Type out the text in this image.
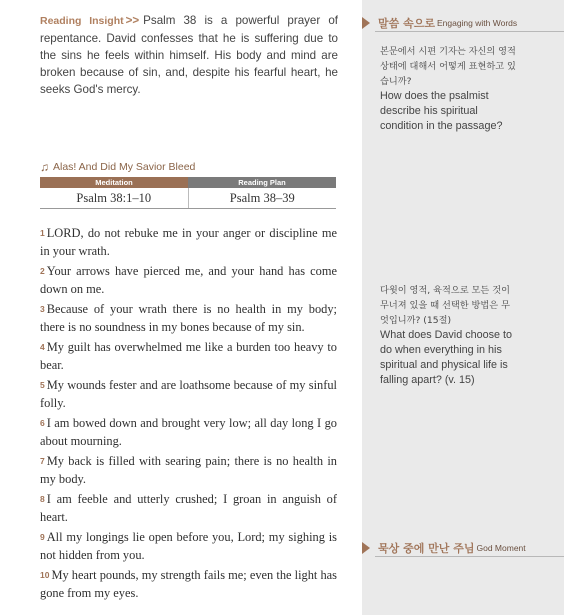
Reading Insight >> Psalm 38 is a powerful prayer of repentance. David confesses that he is suffering due to the sins he feels within himself. His body and mind are broken because of sin, and, despite his fearful heart, he seeks God's mercy.
♫ Alas! And Did My Savior Bleed
Meditation	Reading Plan
Psalm 38:1–10	Psalm 38–39
1 LORD, do not rebuke me in your anger or discipline me in your wrath.
2 Your arrows have pierced me, and your hand has come down on me.
3 Because of your wrath there is no health in my body; there is no soundness in my bones because of my sin.
4 My guilt has overwhelmed me like a burden too heavy to bear.
5 My wounds fester and are loathsome because of my sinful folly.
6 I am bowed down and brought very low; all day long I go about mourning.
7 My back is filled with searing pain; there is no health in my body.
8 I am feeble and utterly crushed; I groan in anguish of heart.
9 All my longings lie open before you, Lord; my sighing is not hidden from you.
10 My heart pounds, my strength fails me; even the light has gone from my eyes.
말씀 속으로 Engaging with Words
본문에서 시편 기자는 자신의 영적 상태에 대해서 어떻게 표현하고 있습니까?
How does the psalmist describe his spiritual condition in the passage?
다윗이 영적, 육적으로 모든 것이 무너져 있을 때 선택한 방법은 무엇입니까? (15절)
What does David choose to do when everything in his spiritual and physical life is falling apart? (v. 15)
묵상 중에 만난 주님 God Moment
